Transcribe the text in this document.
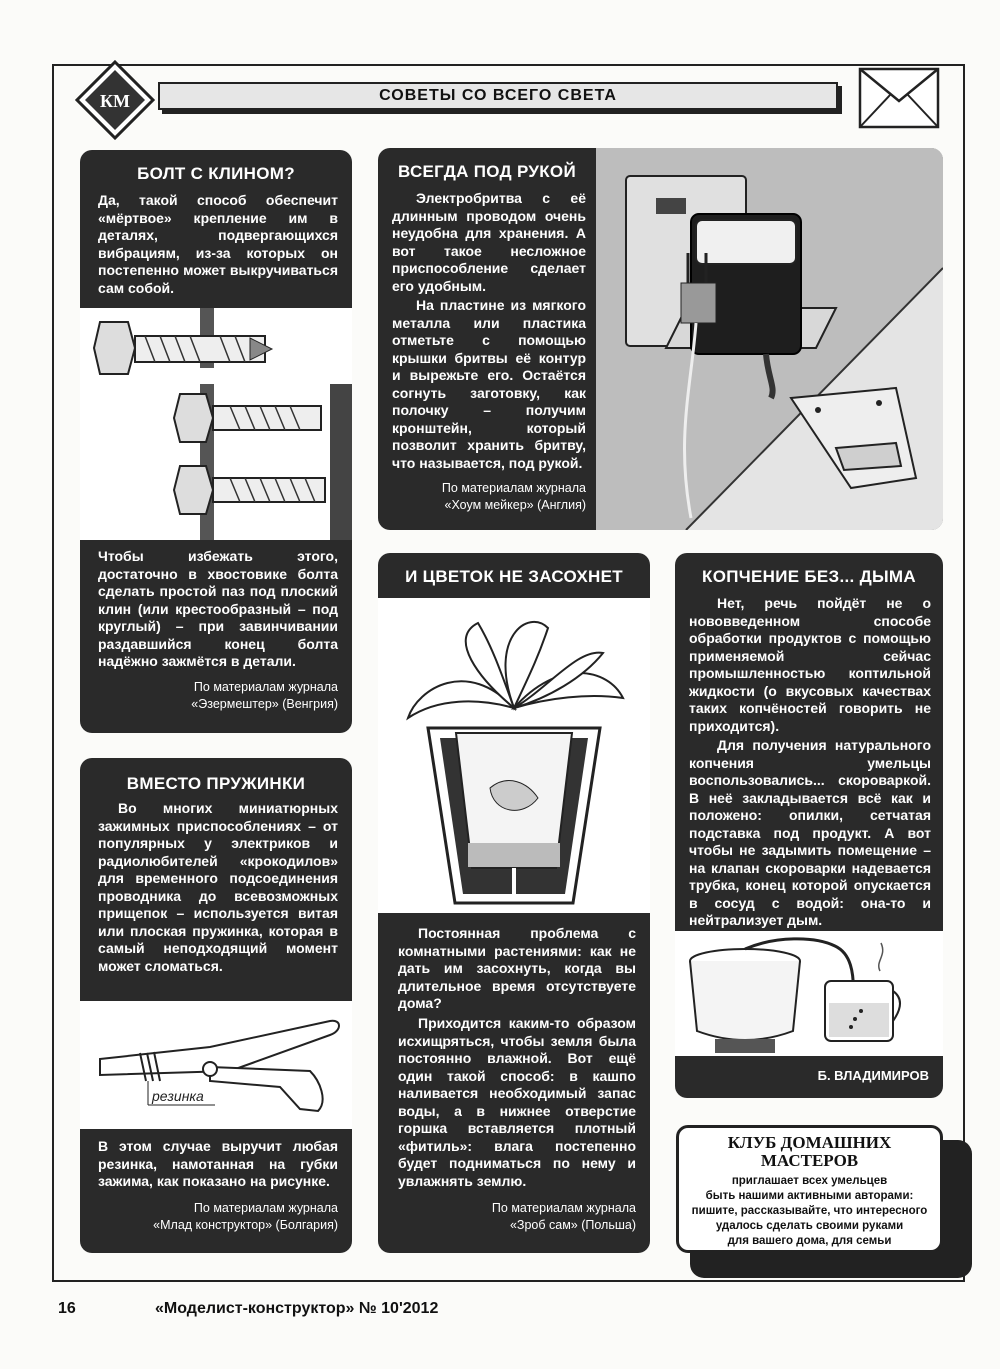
КМ	СОВЕТЫ СО ВСЕГО СВЕТА
БОЛТ С КЛИНОМ?

Да, такой способ обеспечит «мёртвое» крепление им в деталях, подвергающихся вибрациям, из-за которых он постепенно может выкручиваться сам собой.

Чтобы избежать этого, достаточно в хвостовике болта сделать простой паз под плоский клин (или крестообразный – под круглый) – при завинчивании раздавшийся конец болта надёжно зажмётся в детали.

По материалам журнала
«Эзермештер» (Венгрия)
ВСЕГДА ПОД РУКОЙ

Электробритва с её длинным проводом очень неудобна для хранения. А вот такое несложное приспособление сделает его удобным.

На пластине из мягкого металла или пластика отметьте с помощью крышки бритвы её контур и вырежьте его. Остаётся согнуть заготовку, как полочку – получим кронштейн, который позволит хранить бритву, что называется, под рукой.

По материалам журнала
«Хоум мейкер» (Англия)
И ЦВЕТОК НЕ ЗАСОХНЕТ

Постоянная проблема с комнатными растениями: как не дать им засохнуть, когда вы длительное время отсутствуете дома?

Приходится каким-то образом исхищряться, чтобы земля была постоянно влажной. Вот ещё один такой способ: в кашпо наливается необходимый запас воды, а в нижнее отверстие горшка вставляется плотный «фитиль»: влага постепенно будет подниматься по нему и увлажнять землю.

По материалам журнала
«Зроб сам» (Польша)
КОПЧЕНИЕ БЕЗ... ДЫМА

Нет, речь пойдёт не о нововведенном способе обработки продуктов с помощью применяемой сейчас промышленностью коптильной жидкости (о вкусовых качествах таких копчёностей говорить не приходится).

Для получения натурального копчения умельцы воспользовались... скороваркой. В неё закладывается всё как и положено: опилки, сетчатая подставка под продукт. А вот чтобы не задымить помещение – на клапан скороварки надевается трубка, конец которой опускается в сосуд с водой: она-то и нейтрализует дым.

Б. ВЛАДИМИРОВ
ВМЕСТО ПРУЖИНКИ

Во многих миниатюрных зажимных приспособлениях – от популярных у электриков и радиолюбителей «крокодилов» для временного подсоединения проводника до всевозможных прищепок – используется витая или плоская пружинка, которая в самый неподходящий момент может сломаться.

резинка

В этом случае выручит любая резинка, намотанная на губки зажима, как показано на рисунке.

По материалам журнала
«Млад конструктор» (Болгария)
КЛУБ ДОМАШНИХ
МАСТЕРОВ

приглашает всех умельцев

быть нашими активными авторами:

пишите, рассказывайте, что интересного

удалось сделать своими руками

для вашего дома, для семьи

16	«Моделист-конструктор» № 10'2012
